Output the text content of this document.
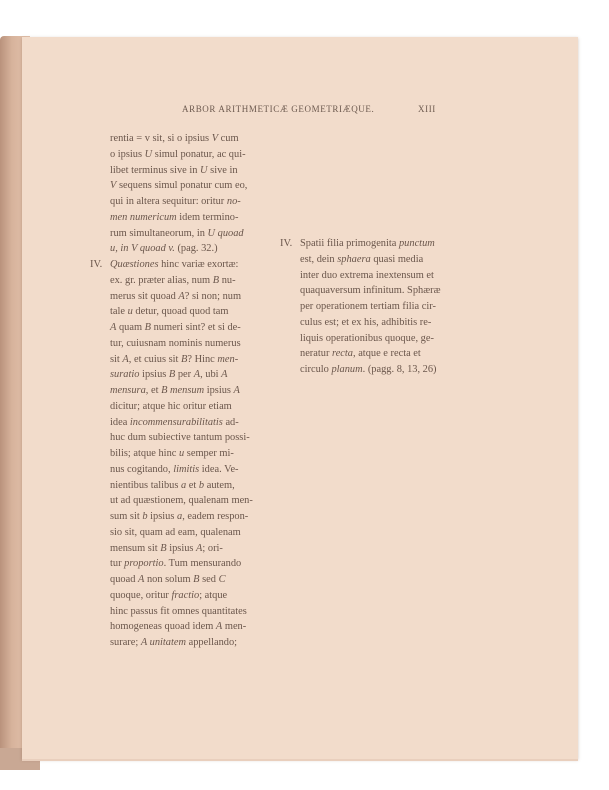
ARBOR ARITHMETICÆ GEOMETRIÆQUE.	XIII
rentia = v sit, si o ipsius V cum
o ipsius U simul ponatur, ac qui-
libet terminus sive in U sive in
V sequens simul ponatur cum eo,
qui in altera sequitur: oritur no-
men numericum idem termino-
rum simultaneorum, in U quoad
u, in V quoad v. (pag. 32.)
IV. Quæstiones hinc variæ exortæ:
ex. gr. præter alias, num B nu-
merus sit quoad A? si non; num
tale u detur, quoad quod tam
A quam B numeri sint? et si de-
tur, cuiusnam nominis numerus
sit A, et cuius sit B? Hinc men-
suratio ipsius B per A, ubi A
mensura, et B mensum ipsius A
dicitur; atque hic oritur etiam
idea incommensurabilitatis ad-
huc dum subiective tantum possi-
bilis; atque hinc u semper mi-
nus cogitando, limitis idea. Ve-
nientibus talibus a et b autem,
ut ad quæstionem, qualenam men-
sum sit b ipsius a, eadem respon-
sio sit, quam ad eam, qualenam
mensum sit B ipsius A; ori-
tur proportio. Tum mensurando
quoad A non solum B sed C
quoque, oritur fractio; atque
hinc passus fit omnes quantitates
homogeneas quoad idem A men-
surare; A unitatem appellando;
IV. Spatii filia primogenita punctum
est, dein sphaera quasi media
inter duo extrema inextensum et
quaquaversum infinitum. Sphæræ
per operationem tertiam filia cir-
culus est; et ex his, adhibitis re-
liquis operationibus quoque, ge-
neratur recta, atque e recta et
circulo planum. (pagg. 8, 13, 26)
